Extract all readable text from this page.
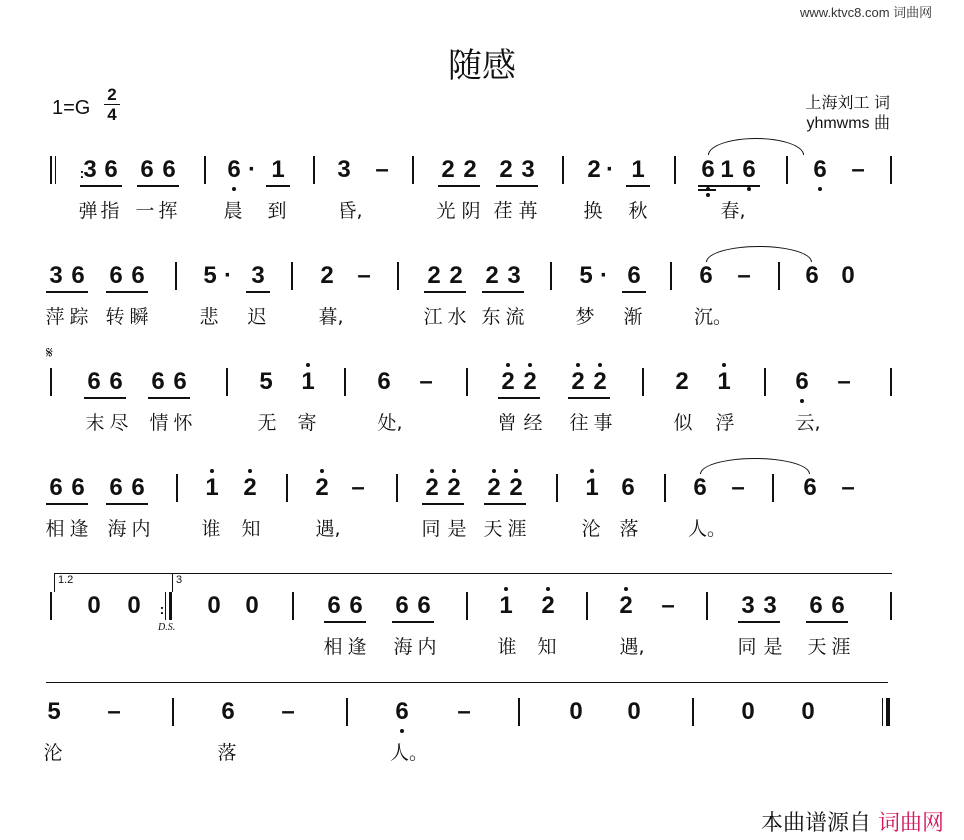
www.ktvc8.com 词曲网
随感
1=G
2
4
上海刘工 词
yhmwms 曲
:
3 6 6 6 6 · 1 3 – 2 2 2 3 2 · 1 6 1 6 6 –
弹 指 一 挥 晨 到	昏,	光 阴 荏 苒 换 秋	春,
3 6 6 6 5 · 3 2 – 2 2 2 3 5 · 6 6 – 6 0
萍 踪 转 瞬	悲 迟	暮,	江 水 东 流	梦 渐	沉。
𝄋
6 6 6 6	5 1	6 –	2 2 2 2	2 1	6 –
末 尽 情 怀	无 寄	处,	曾 经 往 事	似 浮	云,
6 6 6 6	1 2 2 –	2 2 2 2	1 6 6 – 6 –
相 逢 海 内	谁 知	遇,	同 是 天 涯	沦 落	人。
1.2	3
0 0	:
D.S.
0 0	6 6 6 6	1 2	2 –	3 3 6 6
相 逢 海 内	谁 知	遇,	同 是 天 涯
5 –	6 –	6 –	0 0	0 0
沦	落	人。
本曲谱源自 词曲网
